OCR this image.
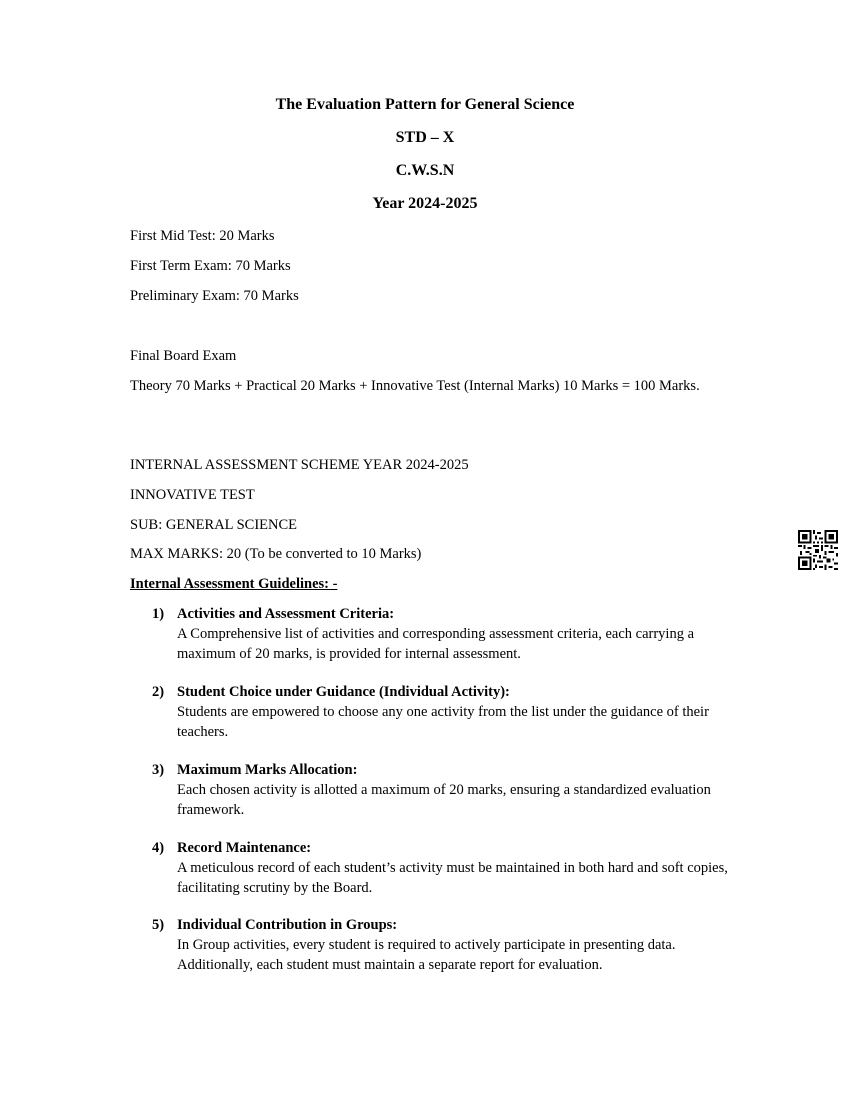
The Evaluation Pattern for General Science
STD – X
C.W.S.N
Year 2024-2025
First Mid Test: 20 Marks
First Term Exam: 70 Marks
Preliminary Exam: 70 Marks
Final Board Exam
Theory 70 Marks + Practical 20 Marks + Innovative Test (Internal Marks) 10 Marks = 100 Marks.
INTERNAL ASSESSMENT SCHEME YEAR 2024-2025
INNOVATIVE TEST
SUB: GENERAL SCIENCE
MAX MARKS: 20 (To be converted to 10 Marks)
Internal Assessment Guidelines: -
1) Activities and Assessment Criteria:
A Comprehensive list of activities and corresponding assessment criteria, each carrying a maximum of 20 marks, is provided for internal assessment.
2) Student Choice under Guidance (Individual Activity):
Students are empowered to choose any one activity from the list under the guidance of their teachers.
3) Maximum Marks Allocation:
Each chosen activity is allotted a maximum of 20 marks, ensuring a standardized evaluation framework.
4) Record Maintenance:
A meticulous record of each student’s activity must be maintained in both hard and soft copies, facilitating scrutiny by the Board.
5) Individual Contribution in Groups:
In Group activities, every student is required to actively participate in presenting data. Additionally, each student must maintain a separate report for evaluation.
